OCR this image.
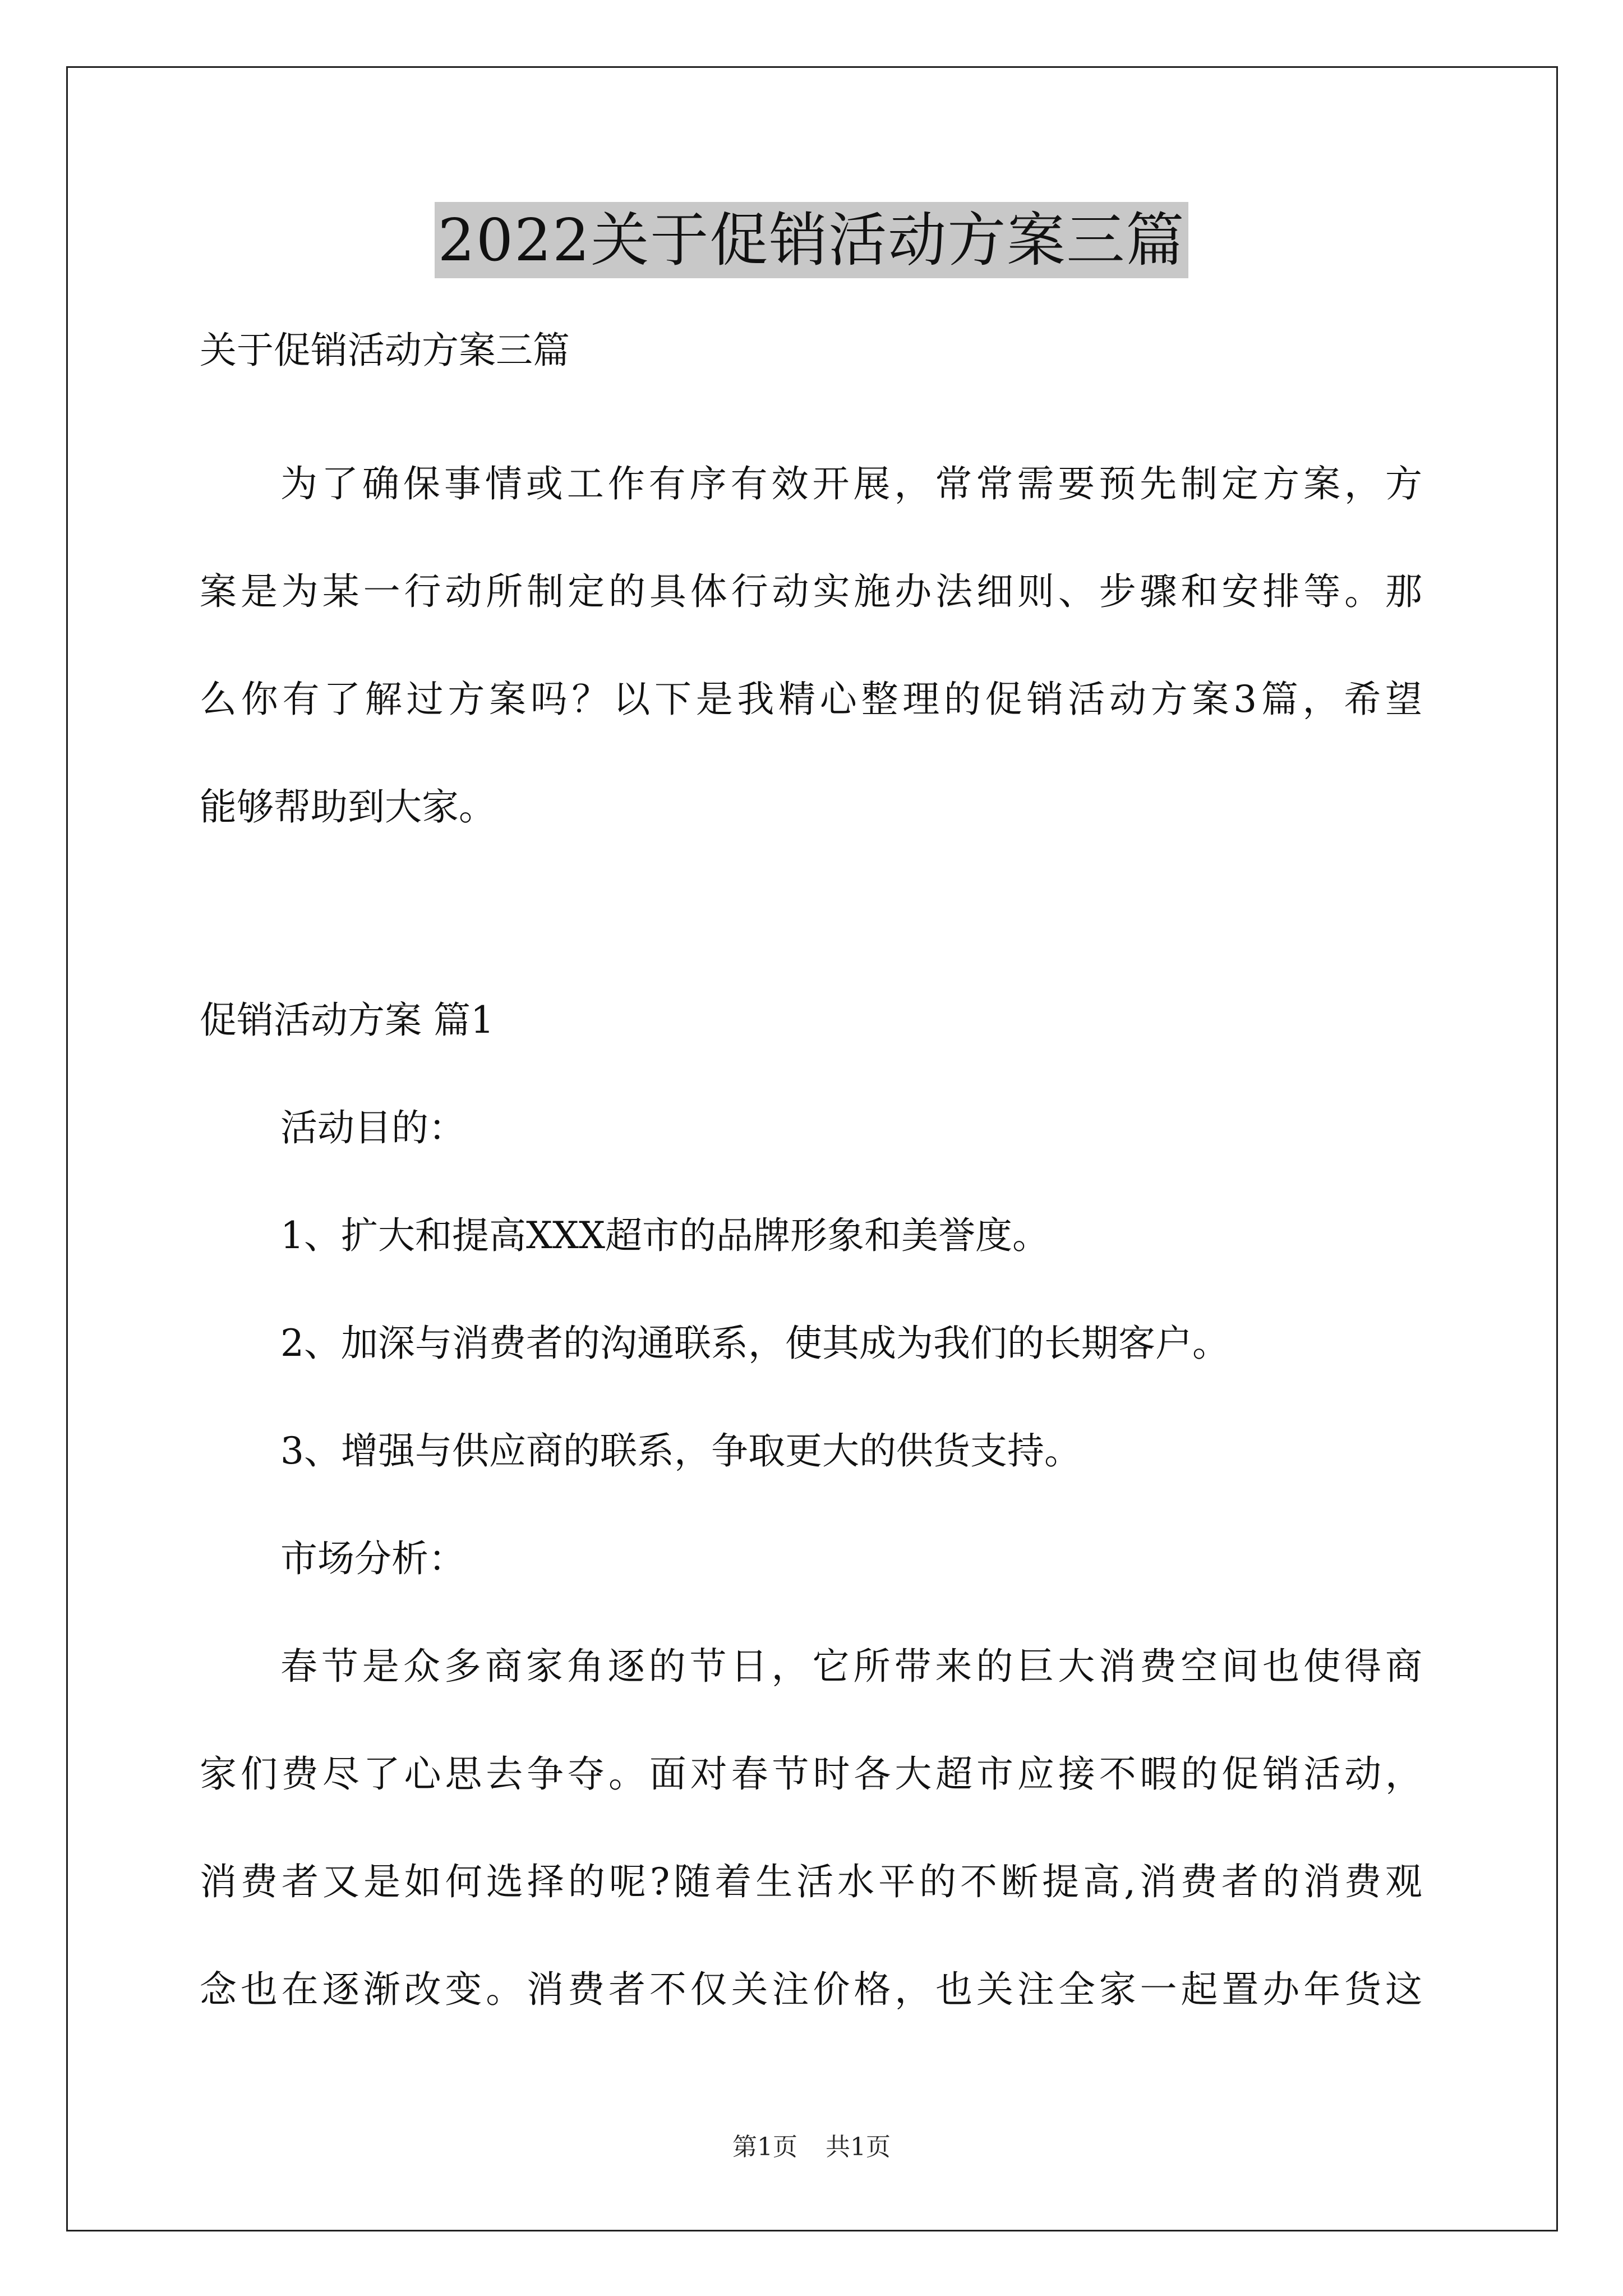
2022关于促销活动方案三篇
关于促销活动方案三篇
为了确保事情或工作有序有效开展，常常需要预先制定方案，方
案是为某一行动所制定的具体行动实施办法细则、步骤和安排等。那
么你有了解过方案吗？以下是我精心整理的促销活动方案3篇，希望
能够帮助到大家。
促销活动方案 篇1
活动目的：
1、扩大和提高XXX超市的品牌形象和美誉度。
2、加深与消费者的沟通联系，使其成为我们的长期客户。
3、增强与供应商的联系，争取更大的供货支持。
市场分析：
春节是众多商家角逐的节日，它所带来的巨大消费空间也使得商
家们费尽了心思去争夺。面对春节时各大超市应接不暇的促销活动，
消费者又是如何选择的呢?随着生活水平的不断提高,消费者的消费观
念也在逐渐改变。消费者不仅关注价格，也关注全家一起置办年货这
第1页 共1页
